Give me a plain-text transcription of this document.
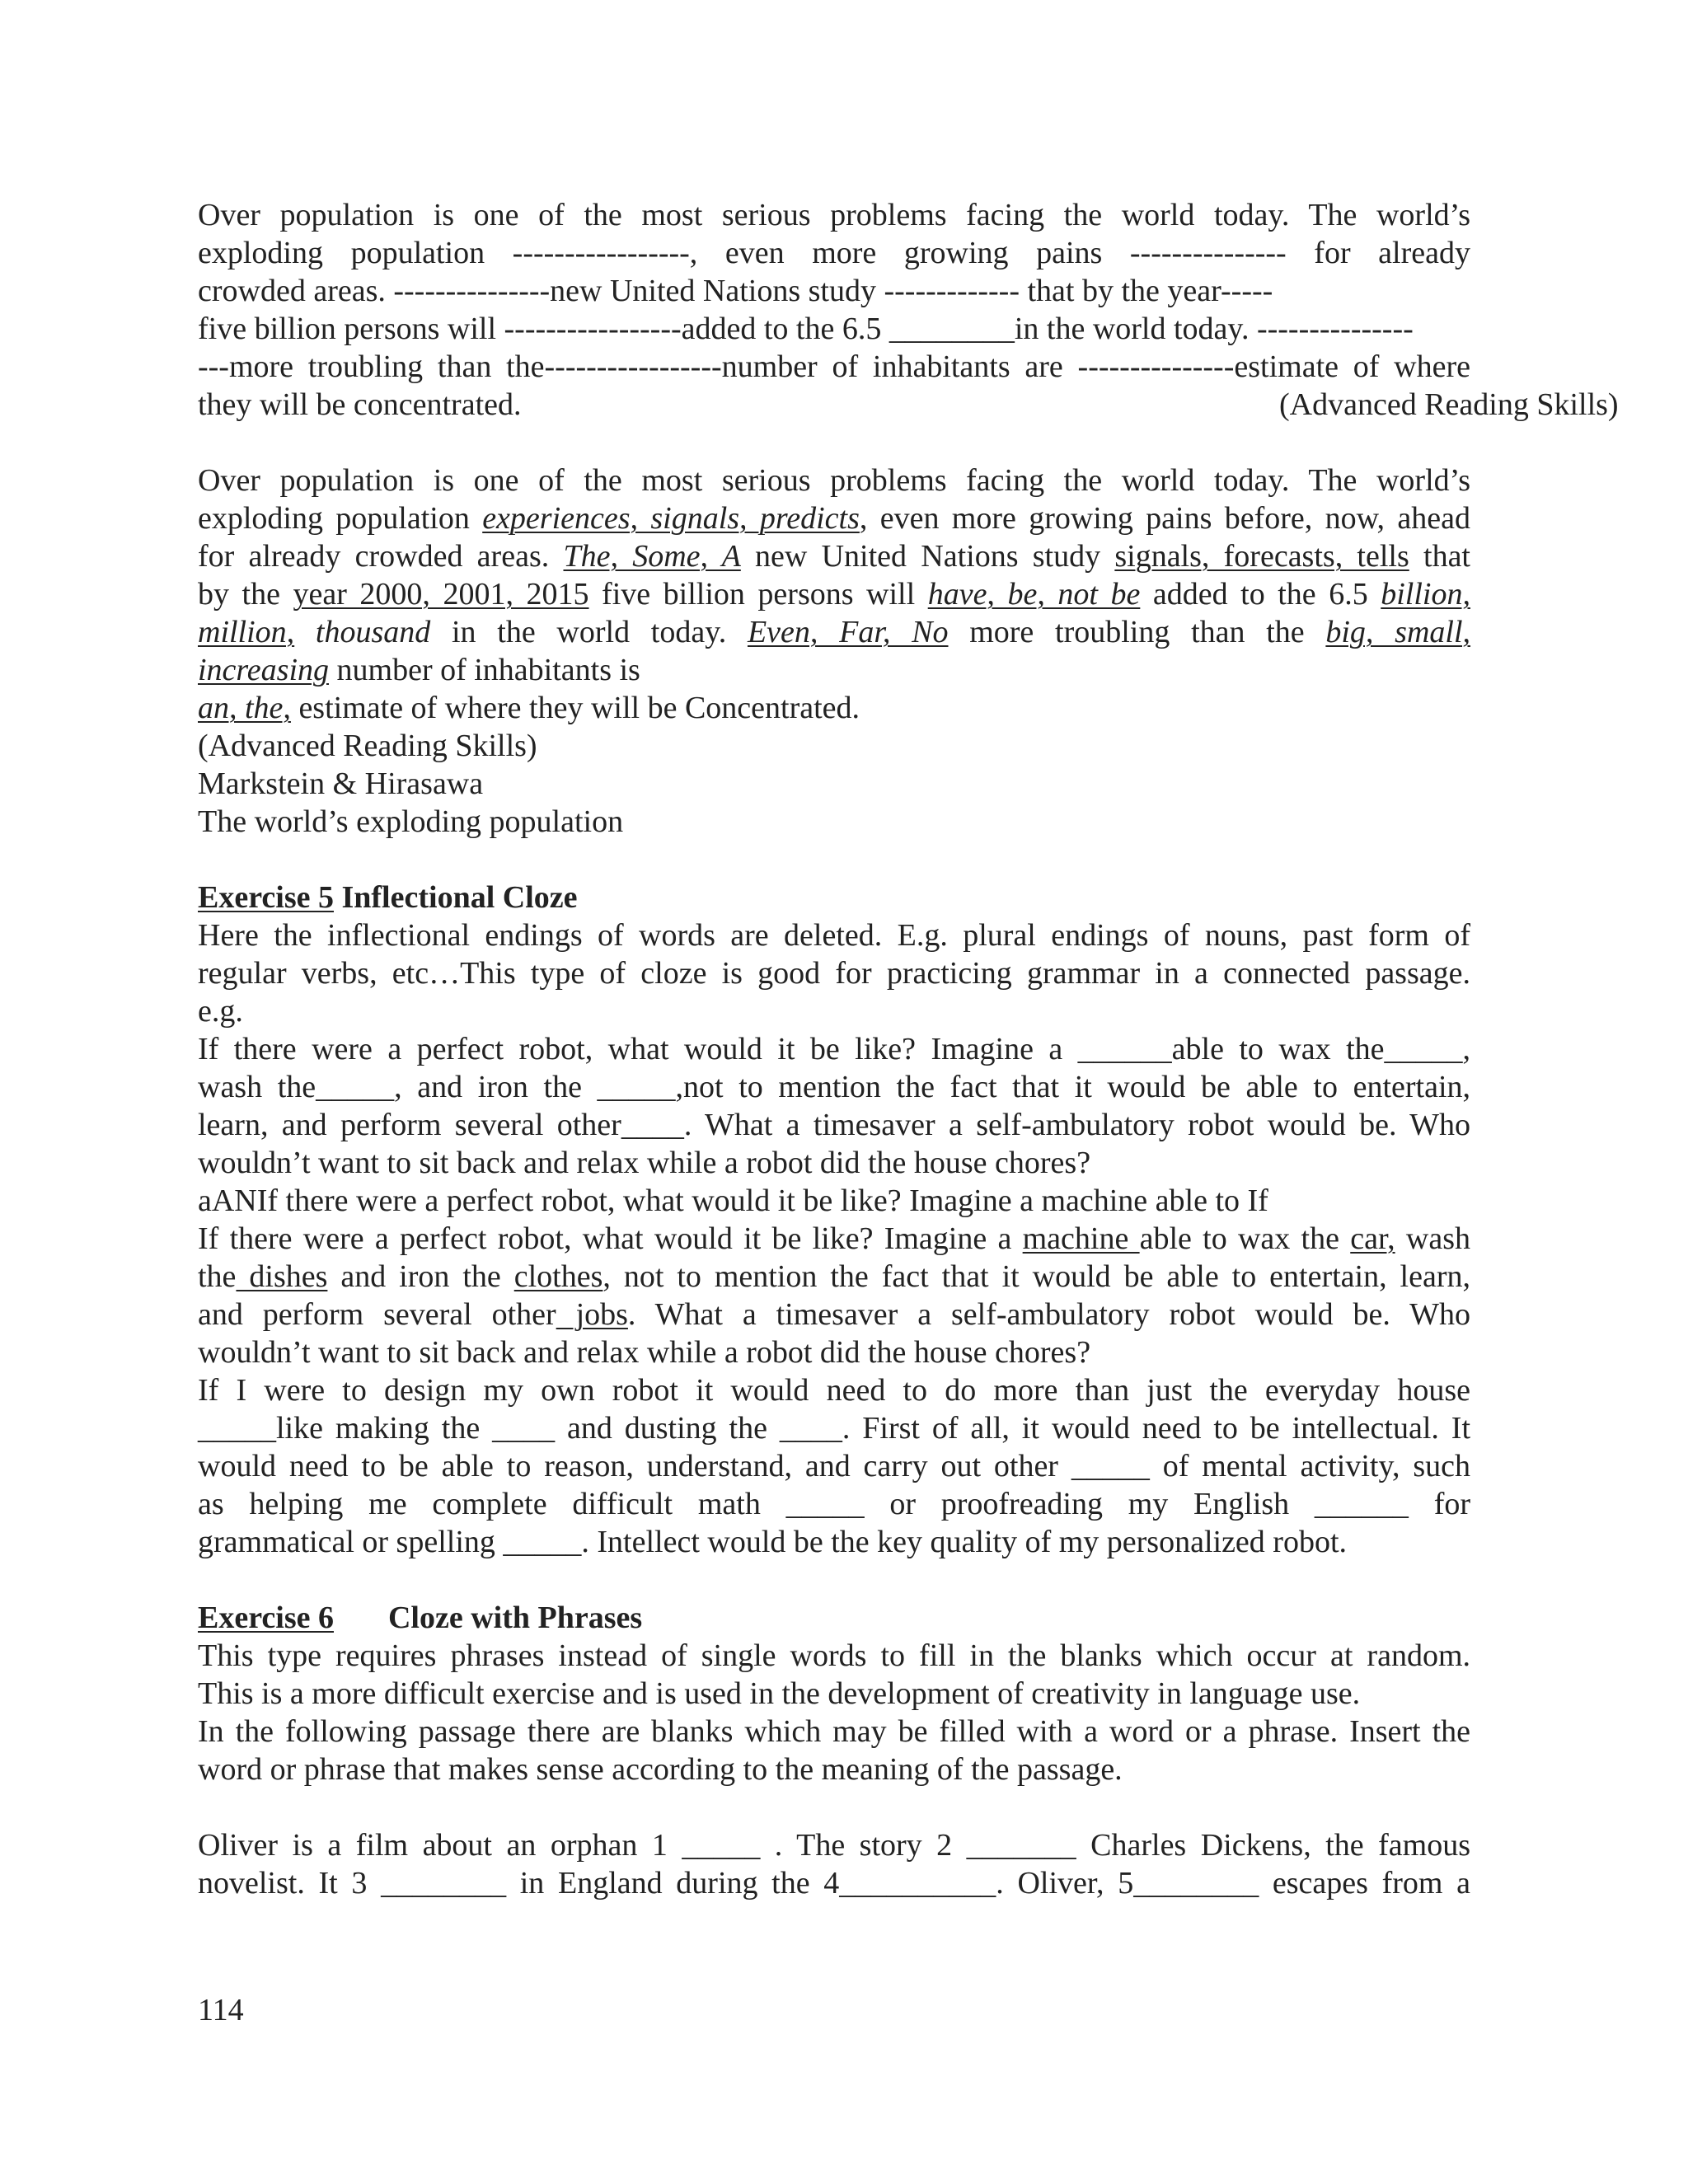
Over population is one of the most serious problems facing the world today. The world’s
exploding population -----------------, even more growing pains --------------- for already
crowded areas. ---------------new United Nations study ------------- that by the year-----
five billion persons will -----------------added to the 6.5 ________in the world today. ---------------
---more troubling than the-----------------number of inhabitants are ---------------estimate of where
they will be concentrated.	(Advanced Reading Skills)
Over population is one of the most serious problems facing the world today. The world’s
exploding population experiences, signals, predicts, even more growing pains before, now, ahead
for already crowded areas. The, Some, A new United Nations study signals, forecasts, tells that
by the year 2000, 2001, 2015 five billion persons will have, be, not be added to the 6.5 billion,
million, thousand in the world today. Even, Far, No more troubling than the big, small,
increasing number of inhabitants is
an, the, estimate of where they will be Concentrated.
(Advanced Reading Skills)
Markstein & Hirasawa
The world’s exploding population
Exercise 5 Inflectional Cloze
Here the inflectional endings of words are deleted. E.g. plural endings of nouns, past form of
regular verbs, etc…This type of cloze is good for practicing grammar in a connected passage.
e.g.
If there were a perfect robot, what would it be like? Imagine a ______able to wax the_____,
wash the_____, and iron the _____,not to mention the fact that it would be able to entertain,
learn, and perform several other____. What a timesaver a self-ambulatory robot would be. Who
wouldn’t want to sit back and relax while a robot did the house chores?
aANIf there were a perfect robot, what would it be like? Imagine a machine able to If
If there were a perfect robot, what would it be like? Imagine a machine able to wax the car, wash
the dishes and iron the clothes, not to mention the fact that it would be able to entertain, learn,
and perform several other jobs. What a timesaver a self-ambulatory robot would be. Who
wouldn’t want to sit back and relax while a robot did the house chores?
If I were to design my own robot it would need to do more than just the everyday house
_____like making the ____ and dusting the ____. First of all, it would need to be intellectual. It
would need to be able to reason, understand, and carry out other _____ of mental activity, such
as helping me complete difficult math _____ or proofreading my English ______ for
grammatical or spelling _____. Intellect would be the key quality of my personalized robot.
Exercise 6 Cloze with Phrases
This type requires phrases instead of single words to fill in the blanks which occur at random.
This is a more difficult exercise and is used in the development of creativity in language use.
In the following passage there are blanks which may be filled with a word or a phrase. Insert the
word or phrase that makes sense according to the meaning of the passage.
Oliver is a film about an orphan 1 _____ . The story 2 _______ Charles Dickens, the famous
novelist. It 3 ________ in England during the 4__________. Oliver, 5________ escapes from a
114
